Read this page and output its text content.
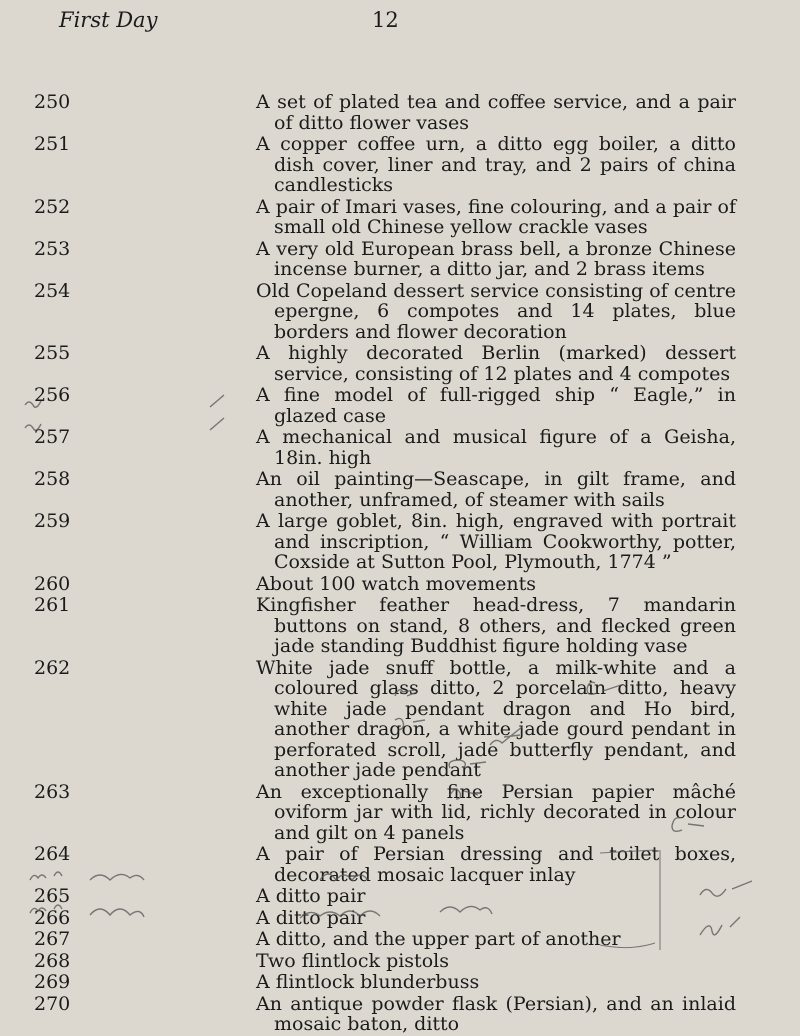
First Day	12
250	A set of plated tea and coffee service, and a pair of ditto flower vases
251	A copper coffee urn, a ditto egg boiler, a ditto dish cover, liner and tray, and 2 pairs of china candlesticks
252	A pair of Imari vases, fine colouring, and a pair of small old Chinese yellow crackle vases
253	A very old European brass bell, a bronze Chinese incense burner, a ditto jar, and 2 brass items
254	Old Copeland dessert service consisting of centre epergne, 6 compotes and 14 plates, blue borders and flower decoration
255	A highly decorated Berlin (marked) dessert service, consisting of 12 plates and 4 compotes
256	A fine model of full-rigged ship “ Eagle,” in glazed case
257	A mechanical and musical figure of a Geisha, 18in. high
258	An oil painting—Seascape, in gilt frame, and another, unframed, of steamer with sails
259	A large goblet, 8in. high, engraved with portrait and inscription, “ William Cookworthy, potter, Coxside at Sutton Pool, Plymouth, 1774 ”
260	About 100 watch movements
261	Kingfisher feather head-dress, 7 mandarin buttons on stand, 8 others, and flecked green jade standing Buddhist figure holding vase
262	White jade snuff bottle, a milk-white and a coloured glass ditto, 2 porcelain ditto, heavy white jade pendant dragon and Ho bird, another dragon, a white jade gourd pendant in perforated scroll, jade butterfly pendant, and another jade pendant
263	An exceptionally fine Persian papier mâché oviform jar with lid, richly decorated in colour and gilt on 4 panels
264	A pair of Persian dressing and toilet boxes, decorated mosaic lacquer inlay
265	A ditto pair
266	A ditto pair
267	A ditto, and the upper part of another
268	Two flintlock pistols
269	A flintlock blunderbuss
270	An antique powder flask (Persian), and an inlaid mosaic baton, ditto
